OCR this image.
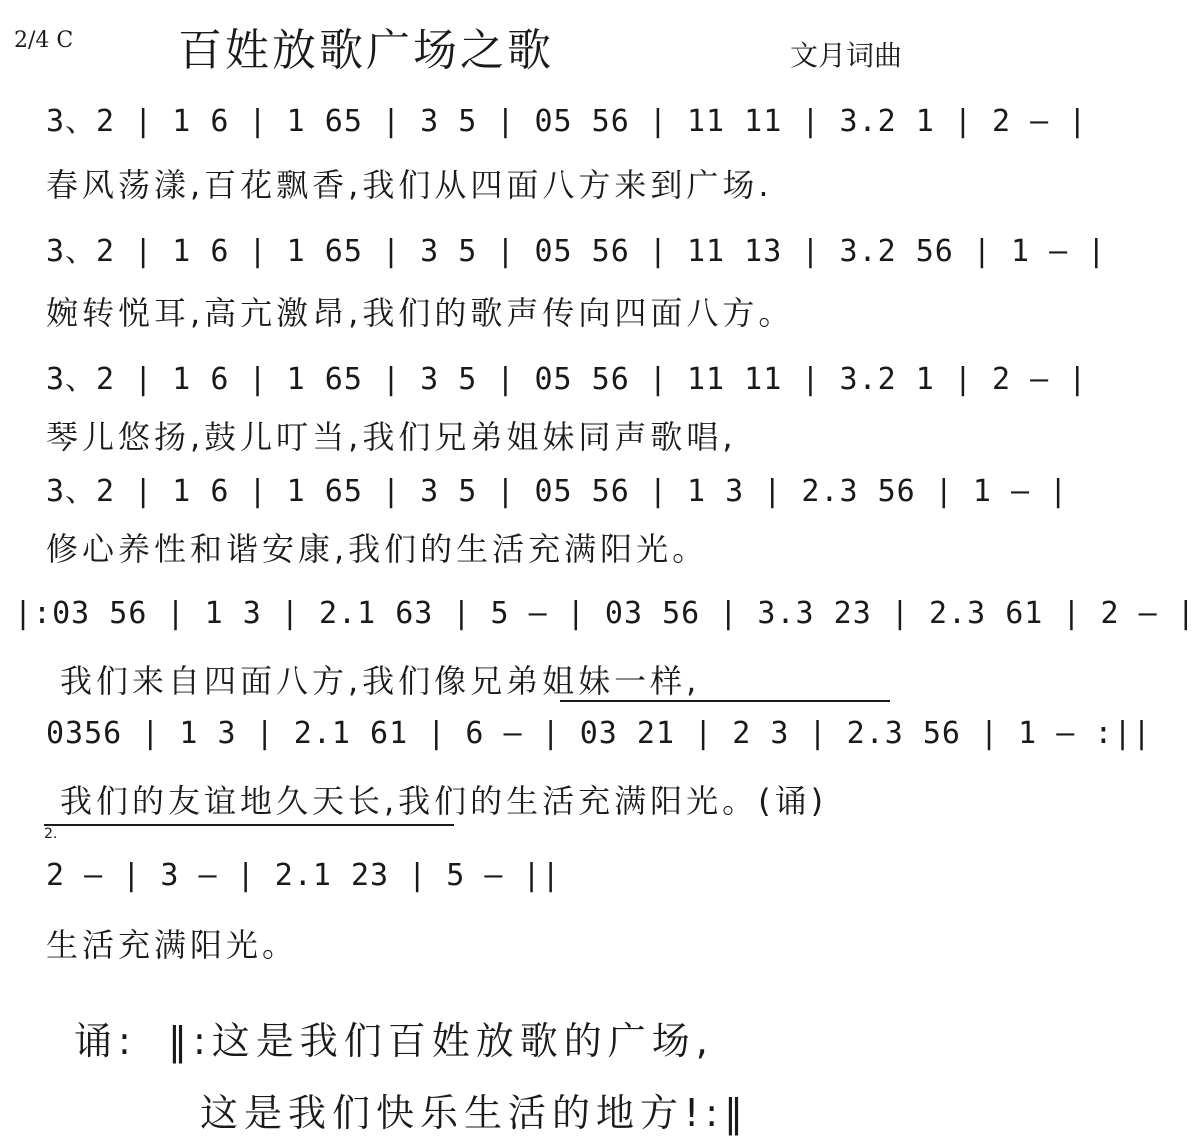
2/4 C 百姓放歌广场之歌	文月词曲
3、2 | 1 6 | 1 65 | 3 5 | 05 56 | 11 11 | 3.2 1 | 2 — |
春风荡漾,百花飘香,我们从四面八方来到广场.
3、2 | 1 6 | 1 65 | 3 5 | 05 56 | 11 13 | 3.2 56 | 1 — |
婉转悦耳,高亢激昂,我们的歌声传向四面八方。
3、2 | 1 6 | 1 65 | 3 5 | 05 56 | 11 11 | 3.2 1 | 2 — |
琴儿悠扬,鼓儿叮当,我们兄弟姐妹同声歌唱,
3、2 | 1 6 | 1 65 | 3 5 | 05 56 | 1 3 | 2.3 56 | 1 — |
修心养性和谐安康,我们的生活充满阳光。
|:03 56 | 1 3 | 2.1 63 | 5 — | 03 56 | 3.3 23 | 2.3 61 | 2 — |
我们来自四面八方,我们像兄弟姐妹一样,
0356 | 1 3 | 2.1 61 | 6 — | 03 21 | 2 3 | 2.3 56 | 1 — :||
我们的友谊地久天长,我们的生活充满阳光。(诵)
2.
2 — | 3 — | 2.1 23 | 5 — ||
生活充满阳光。
诵: ‖:这是我们百姓放歌的广场,
这是我们快乐生活的地方!:‖
